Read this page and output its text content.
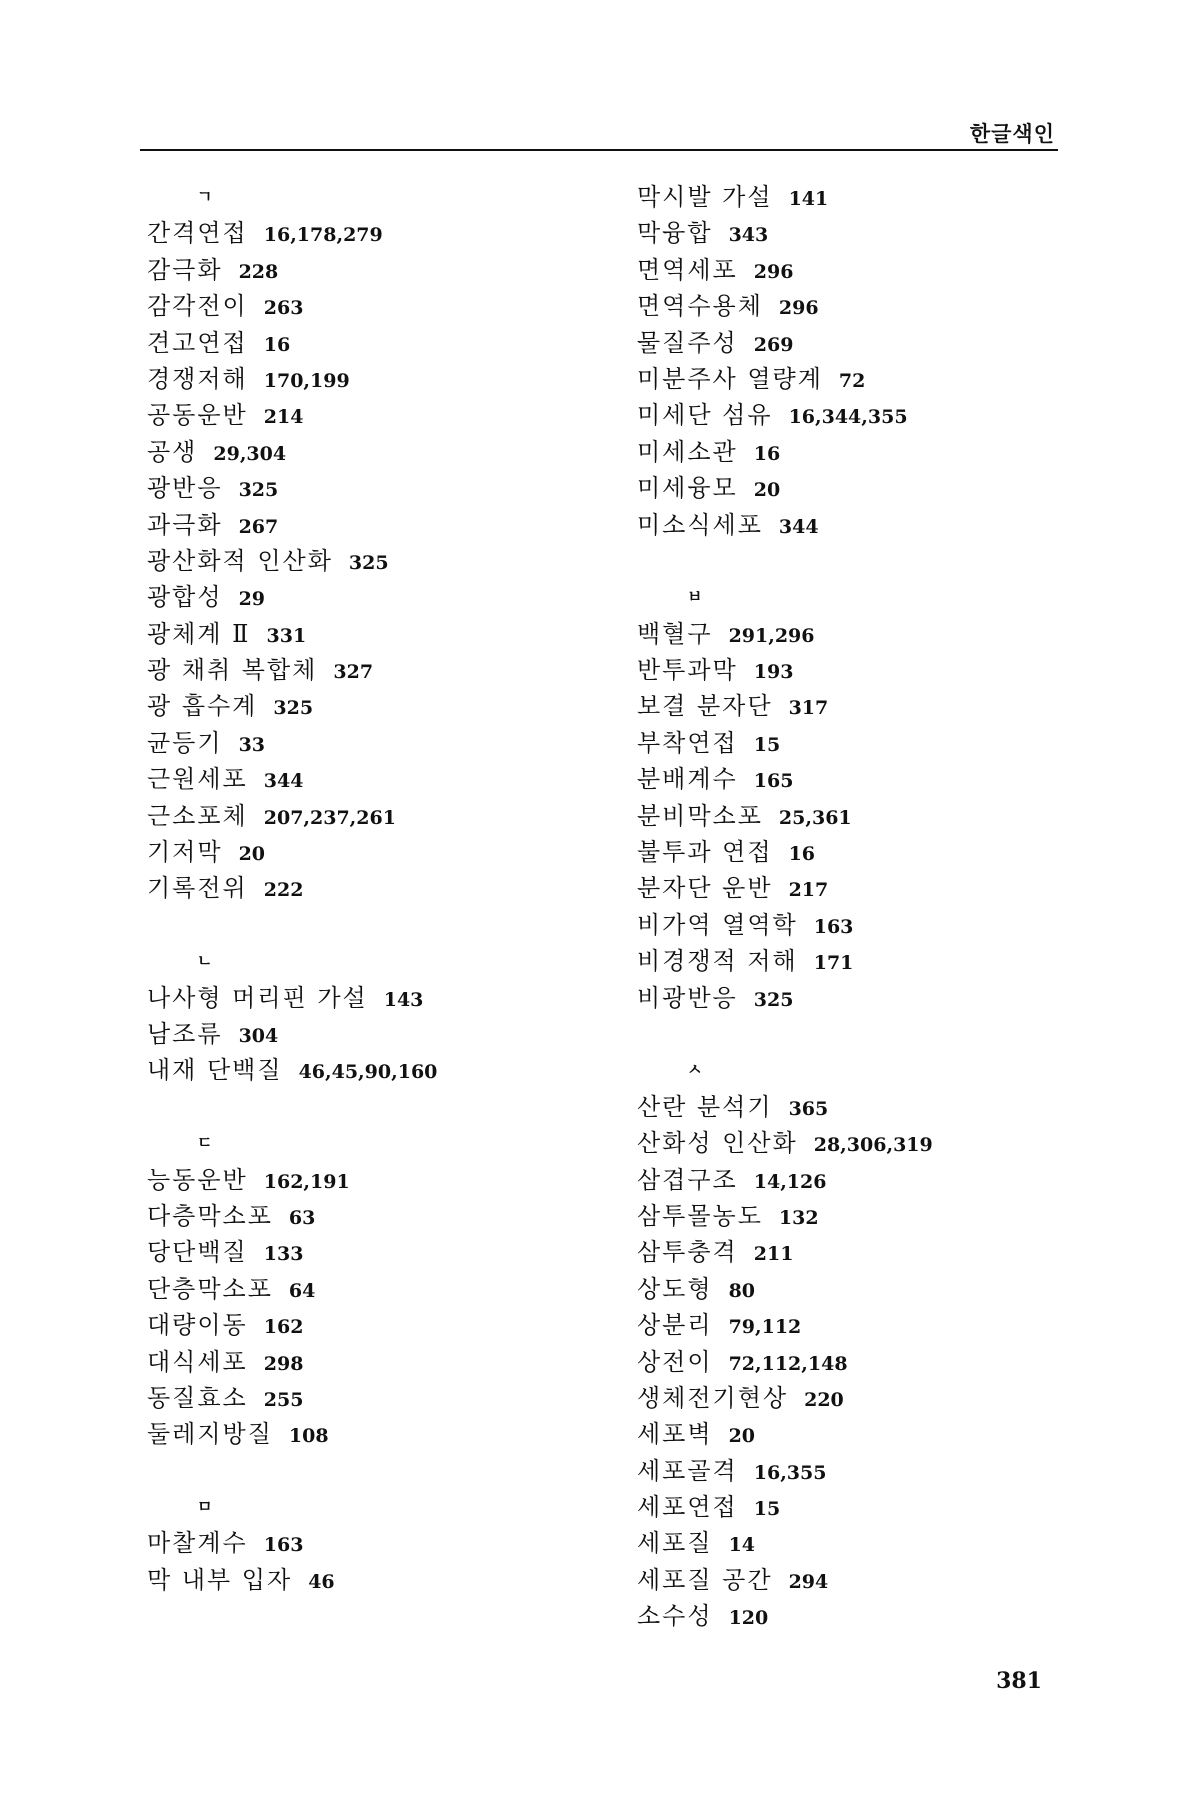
한글색인
ㄱ
간격연접 16,178,279
감극화 228
감각전이 263
견고연접 16
경쟁저해 170,199
공동운반 214
공생 29,304
광반응 325
과극화 267
광산화적 인산화 325
광합성 29
광체계 Ⅱ 331
광 채취 복합체 327
광 흡수계 325
균등기 33
근원세포 344
근소포체 207,237,261
기저막 20
기록전위 222
ㄴ
나사형 머리핀 가설 143
남조류 304
내재 단백질 46,45,90,160
ㄷ
능동운반 162,191
다층막소포 63
당단백질 133
단층막소포 64
대량이동 162
대식세포 298
동질효소 255
둘레지방질 108
ㅁ
마찰계수 163
막 내부 입자 46
막시발 가설 141
막융합 343
면역세포 296
면역수용체 296
물질주성 269
미분주사 열량계 72
미세단 섬유 16,344,355
미세소관 16
미세융모 20
미소식세포 344
ㅂ
백혈구 291,296
반투과막 193
보결 분자단 317
부착연접 15
분배계수 165
분비막소포 25,361
불투과 연접 16
분자단 운반 217
비가역 열역학 163
비경쟁적 저해 171
비광반응 325
ㅅ
산란 분석기 365
산화성 인산화 28,306,319
삼겹구조 14,126
삼투몰농도 132
삼투충격 211
상도형 80
상분리 79,112
상전이 72,112,148
생체전기현상 220
세포벽 20
세포골격 16,355
세포연접 15
세포질 14
세포질 공간 294
소수성 120
381
